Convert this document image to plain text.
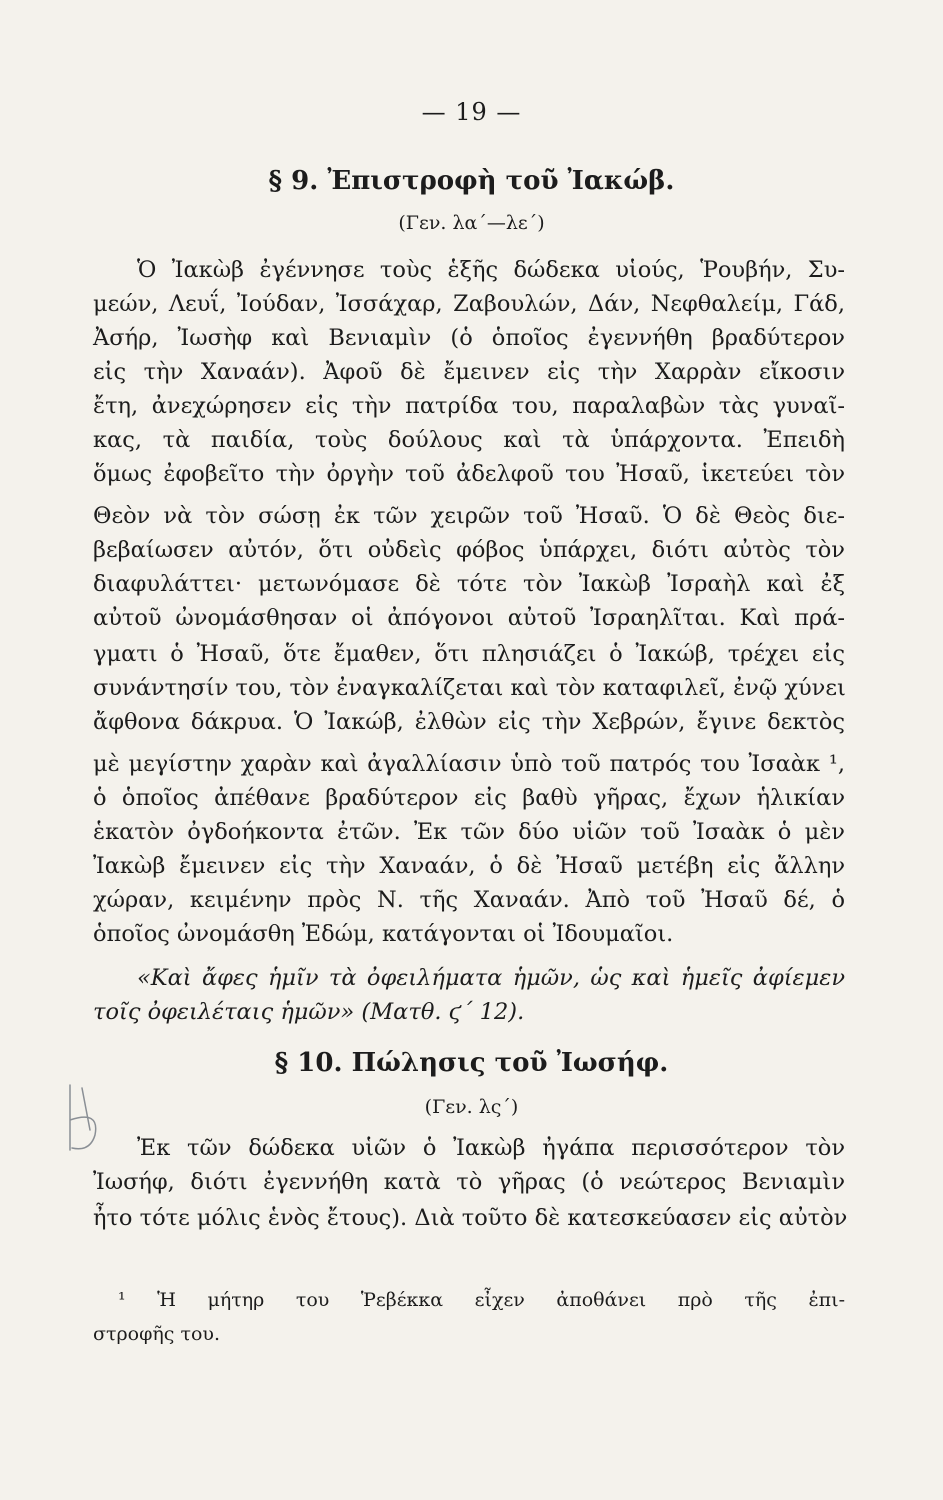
— 19 —
§ 9. Ἐπιστροφὴ τοῦ Ἰακώβ.
(Γεν. λα΄—λε΄)
Ὁ Ἰακὼβ ἐγέννησε τοὺς ἑξῆς δώδεκα υἱούς, Ῥουβήν, Συ-
μεών, Λευΐ, Ἰούδαν, Ἰσσάχαρ, Ζαβουλών, Δάν, Νεφθαλείμ, Γάδ,
Ἀσήρ, Ἰωσὴφ καὶ Βενιαμὶν (ὁ ὁποῖος ἐγεννήθη βραδύτερον
εἰς τὴν Χαναάν). Ἀφοῦ δὲ ἔμεινεν εἰς τὴν Χαρρὰν εἴκοσιν
ἔτη, ἀνεχώρησεν εἰς τὴν πατρίδα του, παραλαβὼν τὰς γυναῖ-
κας, τὰ παιδία, τοὺς δούλους καὶ τὰ ὑπάρχοντα. Ἐπειδὴ
ὅμως ἐφοβεῖτο τὴν ὀργὴν τοῦ ἀδελφοῦ του Ἠσαῦ, ἱκετεύει τὸν
Θεὸν νὰ τὸν σώσῃ ἐκ τῶν χειρῶν τοῦ Ἠσαῦ. Ὁ δὲ Θεὸς διε-
βεβαίωσεν αὐτόν, ὅτι οὐδεὶς φόβος ὑπάρχει, διότι αὐτὸς τὸν
διαφυλάττει· μετωνόμασε δὲ τότε τὸν Ἰακὼβ Ἰσραὴλ καὶ ἐξ
αὐτοῦ ὠνομάσθησαν οἱ ἀπόγονοι αὐτοῦ Ἰσραηλῖται. Καὶ πρά-
γματι ὁ Ἠσαῦ, ὅτε ἔμαθεν, ὅτι πλησιάζει ὁ Ἰακώβ, τρέχει εἰς
συνάντησίν του, τὸν ἐναγκαλίζεται καὶ τὸν καταφιλεῖ, ἐνῷ χύνει
ἄφθονα δάκρυα. Ὁ Ἰακώβ, ἐλθὼν εἰς τὴν Χεβρών, ἔγινε δεκτὸς
μὲ μεγίστην χαρὰν καὶ ἀγαλλίασιν ὑπὸ τοῦ πατρός του Ἰσαὰκ ¹,
ὁ ὁποῖος ἀπέθανε βραδύτερον εἰς βαθὺ γῆρας, ἔχων ἡλικίαν
ἑκατὸν ὀγδοήκοντα ἐτῶν. Ἐκ τῶν δύο υἱῶν τοῦ Ἰσαὰκ ὁ μὲν
Ἰακὼβ ἔμεινεν εἰς τὴν Χαναάν, ὁ δὲ Ἠσαῦ μετέβη εἰς ἄλλην
χώραν, κειμένην πρὸς Ν. τῆς Χαναάν. Ἀπὸ τοῦ Ἠσαῦ δέ, ὁ
ὁποῖος ὠνομάσθη Ἐδώμ, κατάγονται οἱ Ἰδουμαῖοι.
«Καὶ ἄφες ἡμῖν τὰ ὀφειλήματα ἡμῶν, ὡς καὶ ἡμεῖς ἀφίεμεν
τοῖς ὀφειλέταις ἡμῶν» (Ματθ. ϛ΄ 12).
§ 10. Πώλησις τοῦ Ἰωσήφ.
(Γεν. λς΄)
Ἐκ τῶν δώδεκα υἱῶν ὁ Ἰακὼβ ἠγάπα περισσότερον τὸν
Ἰωσήφ, διότι ἐγεννήθη κατὰ τὸ γῆρας (ὁ νεώτερος Βενιαμὶν
ἦτο τότε μόλις ἑνὸς ἔτους). Διὰ τοῦτο δὲ κατεσκεύασεν εἰς αὐτὸν
¹ Ἡ μήτηρ του Ῥεβέκκα εἶχεν ἀποθάνει πρὸ τῆς ἐπι-
στροφῆς του.
